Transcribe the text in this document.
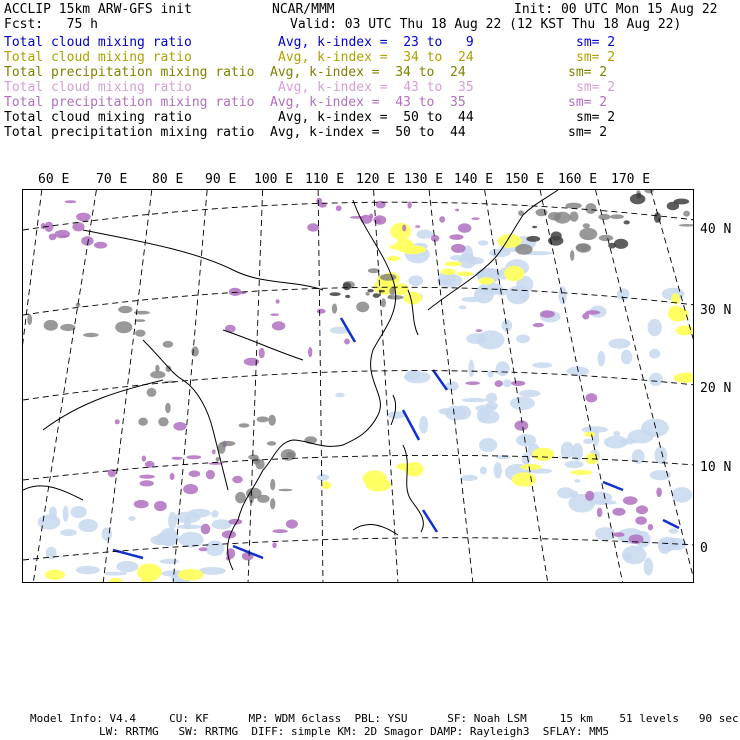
ACCLIP 15km ARW-GFS init	NCAR/MMM	Init: 00 UTC Mon 15 Aug 22
Fcst:   75 h	Valid: 03 UTC Thu 18 Aug 22 (12 KST Thu 18 Aug 22)
Total cloud mixing ratio	Avg, k-index =  23 to   9	sm= 2
Total cloud mixing ratio	Avg, k-index =  34 to  24	sm= 2
Total precipitation mixing ratio Avg, k-index =  34 to  24	sm= 2
Total cloud mixing ratio	Avg, k-index =  43 to  35	sm= 2
Total precipitation mixing ratio Avg, k-index =  43 to  35	sm= 2
Total cloud mixing ratio	Avg, k-index =  50 to  44	sm= 2
Total precipitation mixing ratio Avg, k-index =  50 to  44	sm= 2
60 E 70 E 80 E 90 E 100 E 110 E 120 E 130 E 140 E 150 E 160 E 170 E
40 N
30 N
20 N
10 N
0
Model Info: V4.4     CU: KF      MP: WDM 6class  PBL: YSU      SF: Noah LSM     15 km    51 levels   90 sec
LW: RRTMG   SW: RRTMG  DIFF: simple KM: 2D Smagor DAMP: Rayleigh3  SFLAY: MM5
